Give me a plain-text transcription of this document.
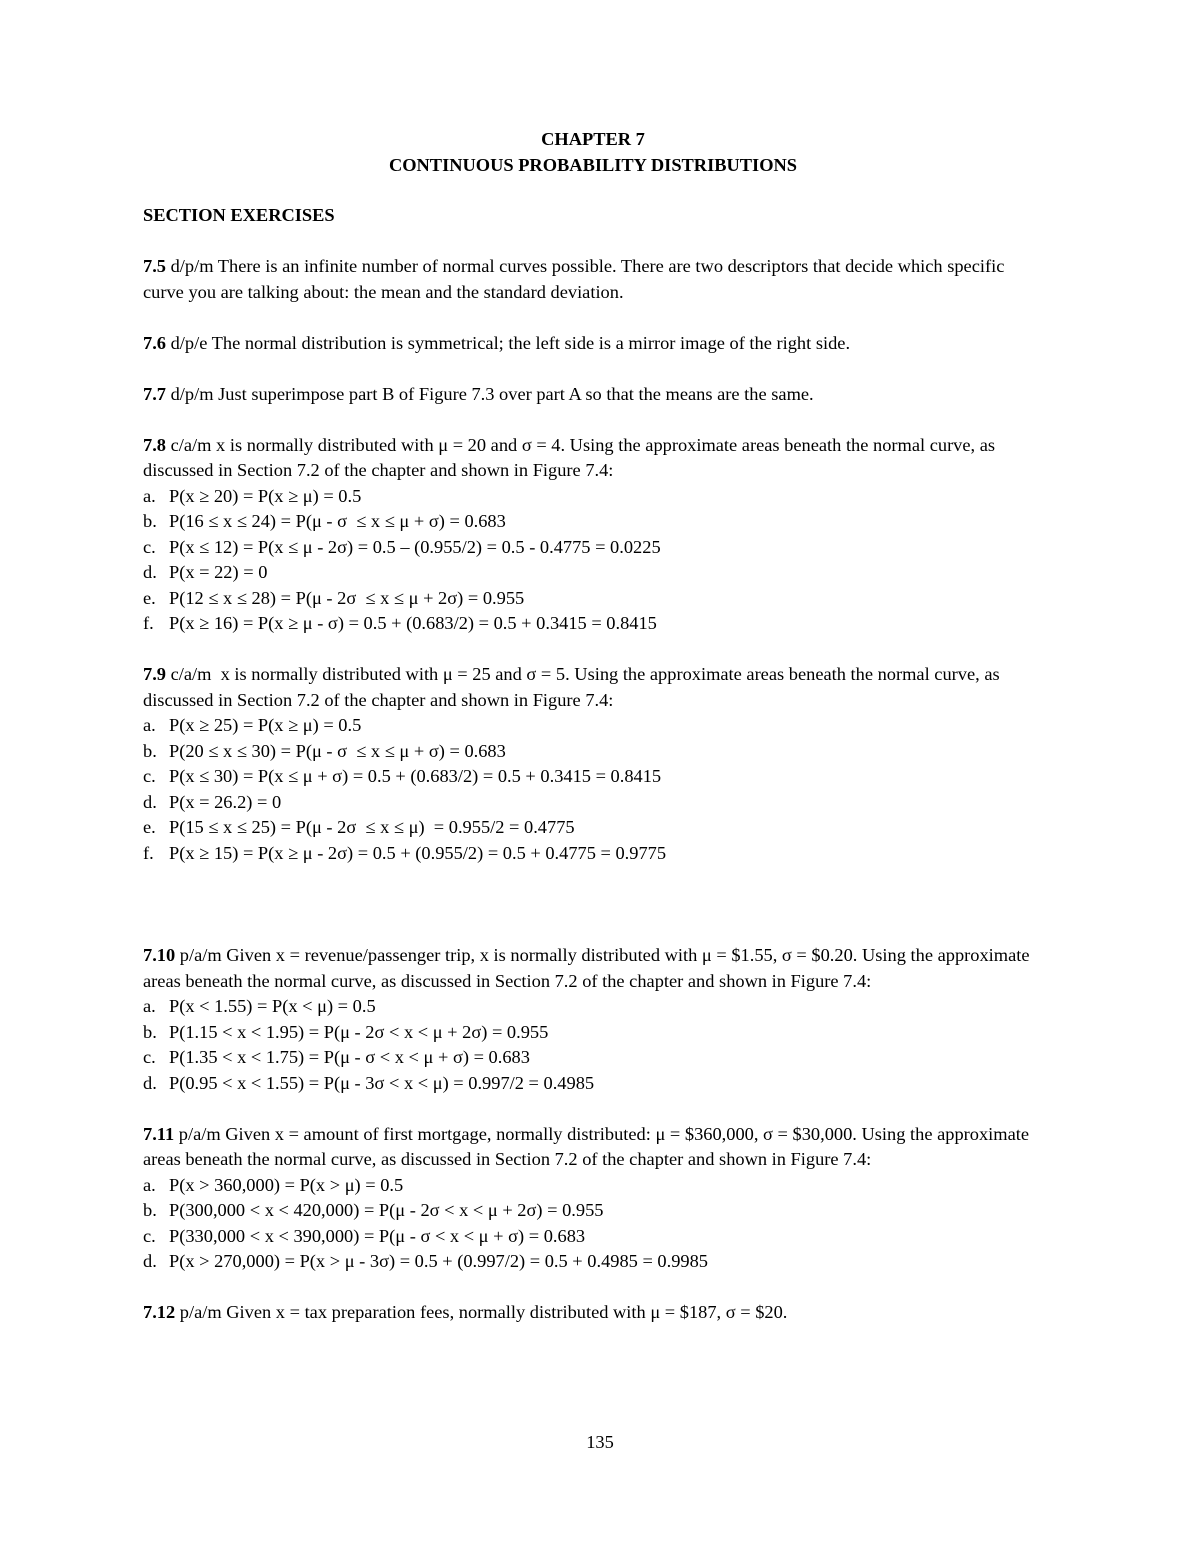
CHAPTER 7
CONTINUOUS PROBABILITY DISTRIBUTIONS
SECTION EXERCISES
7.5 d/p/m There is an infinite number of normal curves possible. There are two descriptors that decide which specific curve you are talking about: the mean and the standard deviation.
7.6 d/p/e The normal distribution is symmetrical; the left side is a mirror image of the right side.
7.7 d/p/m Just superimpose part B of Figure 7.3 over part A so that the means are the same.
7.8 c/a/m x is normally distributed with μ = 20 and σ = 4. Using the approximate areas beneath the normal curve, as discussed in Section 7.2 of the chapter and shown in Figure 7.4:
a. P(x ≥ 20) = P(x ≥ μ) = 0.5
b. P(16 ≤ x ≤ 24) = P(μ - σ  ≤ x ≤ μ + σ) = 0.683
c. P(x ≤ 12) = P(x ≤ μ - 2σ) = 0.5 – (0.955/2) = 0.5 - 0.4775 = 0.0225
d. P(x = 22) = 0
e. P(12 ≤ x ≤ 28) = P(μ - 2σ  ≤ x ≤ μ + 2σ) = 0.955
f. P(x ≥ 16) = P(x ≥ μ - σ) = 0.5 + (0.683/2) = 0.5 + 0.3415 = 0.8415
7.9 c/a/m  x is normally distributed with μ = 25 and σ = 5. Using the approximate areas beneath the normal curve, as discussed in Section 7.2 of the chapter and shown in Figure 7.4:
a. P(x ≥ 25) = P(x ≥ μ) = 0.5
b. P(20 ≤ x ≤ 30) = P(μ - σ  ≤ x ≤ μ + σ) = 0.683
c. P(x ≤ 30) = P(x ≤ μ + σ) = 0.5 + (0.683/2) = 0.5 + 0.3415 = 0.8415
d. P(x = 26.2) = 0
e. P(15 ≤ x ≤ 25) = P(μ - 2σ  ≤ x ≤ μ)  = 0.955/2 = 0.4775
f. P(x ≥ 15) = P(x ≥ μ - 2σ) = 0.5 + (0.955/2) = 0.5 + 0.4775 = 0.9775
7.10 p/a/m Given x = revenue/passenger trip, x is normally distributed with μ = $1.55, σ = $0.20. Using the approximate areas beneath the normal curve, as discussed in Section 7.2 of the chapter and shown in Figure 7.4:
a. P(x < 1.55) = P(x < μ) = 0.5
b. P(1.15 < x < 1.95) = P(μ - 2σ < x < μ + 2σ) = 0.955
c. P(1.35 < x < 1.75) = P(μ - σ < x < μ + σ) = 0.683
d. P(0.95 < x < 1.55) = P(μ - 3σ < x < μ) = 0.997/2 = 0.4985
7.11 p/a/m Given x = amount of first mortgage, normally distributed: μ = $360,000, σ = $30,000. Using the approximate areas beneath the normal curve, as discussed in Section 7.2 of the chapter and shown in Figure 7.4:
a. P(x > 360,000) = P(x > μ) = 0.5
b. P(300,000 < x < 420,000) = P(μ - 2σ < x < μ + 2σ) = 0.955
c. P(330,000 < x < 390,000) = P(μ - σ < x < μ + σ) = 0.683
d. P(x > 270,000) = P(x > μ - 3σ) = 0.5 + (0.997/2) = 0.5 + 0.4985 = 0.9985
7.12 p/a/m Given x = tax preparation fees, normally distributed with μ = $187, σ = $20.
135
